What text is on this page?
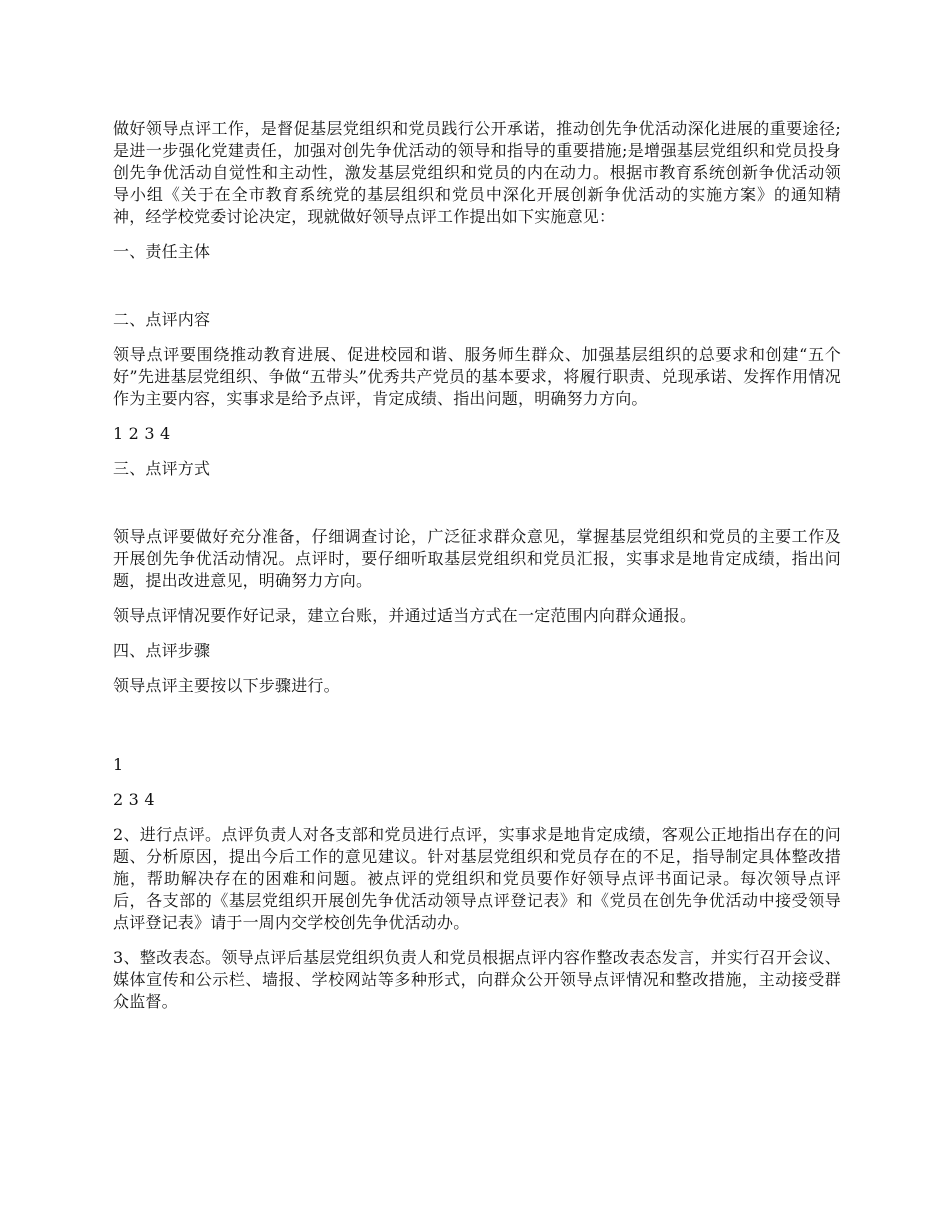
做好领导点评工作，是督促基层党组织和党员践行公开承诺，推动创先争优活动深化进展的重要途径;是进一步强化党建责任，加强对创先争优活动的领导和指导的重要措施;是增强基层党组织和党员投身创先争优活动自觉性和主动性，激发基层党组织和党员的内在动力。根据市教育系统创新争优活动领导小组《关于在全市教育系统党的基层组织和党员中深化开展创新争优活动的实施方案》的通知精神，经学校党委讨论决定，现就做好领导点评工作提出如下实施意见：

一、责任主体

二、点评内容

领导点评要围绕推动教育进展、促进校园和谐、服务师生群众、加强基层组织的总要求和创建“五个好”先进基层党组织、争做“五带头”优秀共产党员的基本要求，将履行职责、兑现承诺、发挥作用情况作为主要内容，实事求是给予点评，肯定成绩、指出问题，明确努力方向。

1 2 3 4

三、点评方式

领导点评要做好充分准备，仔细调查讨论，广泛征求群众意见，掌握基层党组织和党员的主要工作及开展创先争优活动情况。点评时，要仔细听取基层党组织和党员汇报，实事求是地肯定成绩，指出问题，提出改进意见，明确努力方向。

领导点评情况要作好记录，建立台账，并通过适当方式在一定范围内向群众通报。

四、点评步骤

领导点评主要按以下步骤进行。

1

2 3 4

2、进行点评。点评负责人对各支部和党员进行点评，实事求是地肯定成绩，客观公正地指出存在的问题、分析原因，提出今后工作的意见建议。针对基层党组织和党员存在的不足，指导制定具体整改措施，帮助解决存在的困难和问题。被点评的党组织和党员要作好领导点评书面记录。每次领导点评后，各支部的《基层党组织开展创先争优活动领导点评登记表》和《党员在创先争优活动中接受领导点评登记表》请于一周内交学校创先争优活动办。

3、整改表态。领导点评后基层党组织负责人和党员根据点评内容作整改表态发言，并实行召开会议、媒体宣传和公示栏、墙报、学校网站等多种形式，向群众公开领导点评情况和整改措施，主动接受群众监督。
